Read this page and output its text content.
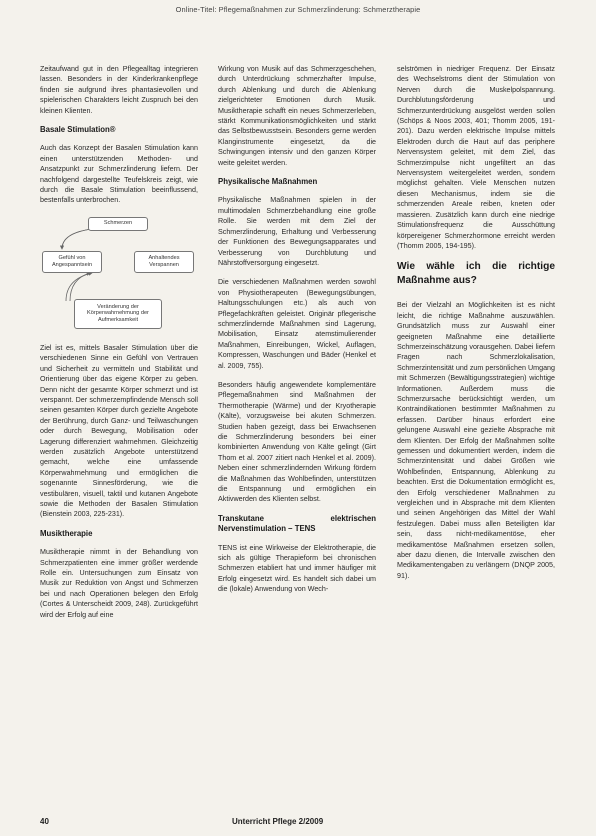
Online-Titel: Pflegemaßnahmen zur Schmerzlinderung: Schmerztherapie

Zeitaufwand gut in den Pflegealltag integrieren lassen. Besonders in der Kinderkrankenpflege finden sie aufgrund ihres phantasievollen und spielerischen Charakters leicht Zuspruch bei den kleinen Klienten.

Basale Stimulation®

Auch das Konzept der Basalen Stimulation kann einen unterstützenden Methoden- und Ansatzpunkt zur Schmerzlinderung liefern. Der nachfolgend dargestellte Teufelskreis zeigt, wie durch die Basale Stimulation beeinflussend, bestenfalls unterbrochen.

Schmerzen
Gefühl von Angespanntsein
Anhaltendes Verspannen
Veränderung der Körperwahrnehmung der Aufmerksamkeit

Ziel ist es, mittels Basaler Stimulation über die verschiedenen Sinne ein Gefühl von Vertrauen und Sicherheit zu vermitteln und Stabilität und Orientierung über das eigene Körper zu geben. Denn nicht der gesamte Körper schmerzt und ist verspannt. Der schmerzempfindende Mensch soll seinen gesamten Körper durch gezielte Angebote der Berührung, durch Ganz- und Teilwaschungen oder durch Bewegung, Mobilisation oder Lagerung differenziert wahrnehmen. Gleichzeitig werden zusätzlich Angebote unterstützend gemacht, welche eine umfassende Körperwahrnehmung und ermöglichen die sogenannte Sinnesförderung, wie die vestibulären, visuell, taktil und kutanen Angebote sowie die Methoden der Basalen Stimulation (Bienstein 2003, 225-231).

Musiktherapie

Musiktherapie nimmt in der Behandlung von Schmerzpatienten eine immer größer werdende Rolle ein. Untersuchungen zum Einsatz von Musik zur Reduktion von Angst und Schmerzen bei und nach Operationen belegen den Erfolg (Cortes & Unterscheidt 2009, 248). Zurückgeführt wird der Erfolg auf eine

Wirkung von Musik auf das Schmerzgeschehen, durch Unterdrückung schmerzhafter Impulse, durch Ablenkung und durch die Ablenkung zielgerichteter Emotionen durch Musik. Musiktherapie schafft ein neues Schmerzerleben, stärkt Kommunikationsmöglichkeiten und stärkt das Selbstbewusstsein. Besonders gerne werden Klanginstrumente eingesetzt, da die Schwingungen intensiv und den ganzen Körper weite geleitet werden.

Physikalische Maßnahmen

Physikalische Maßnahmen spielen in der multimodalen Schmerzbehandlung eine große Rolle. Sie werden mit dem Ziel der Schmerzlinderung, Erhaltung und Verbesserung der Funktionen des Bewegungsapparates und Verbesserung von Durchblutung und Nährstoffversorgung eingesetzt.

Die verschiedenen Maßnahmen werden sowohl von Physiotherapeuten (Bewegungsübungen, Haltungsschulungen etc.) als auch von Pflegefachkräften geleistet. Originär pflegerische schmerzlindernde Maßnahmen sind Lagerung, Mobilisation, Einsatz atemstimulierender Maßnahmen, Einreibungen, Wickel, Auflagen, Kompressen, Waschungen und Bäder (Henkel et al. 2009, 755).

Besonders häufig angewendete komplementäre Pflegemaßnahmen sind Maßnahmen der Thermotherapie (Wärme) und der Kryotherapie (Kälte), vorzugsweise bei akuten Schmerzen. Studien haben gezeigt, dass bei Erwachsenen die Schmerzlinderung besonders bei einer kombinierten Anwendung von Kälte gelingt (Girt Thom et al. 2007 zitiert nach Henkel et al. 2009). Neben einer schmerzlindernden Wirkung fördern die Maßnahmen das Wohlbefinden, unterstützen die Entspannung und ermöglichen ein Aktivwerden des Klienten selbst.

Transkutane elektrischen Nervenstimulation – TENS

TENS ist eine Wirkweise der Elektrotherapie, die sich als gültige Therapieform bei chronischen Schmerzen etabliert hat und immer häufiger mit Erfolg eingesetzt wird. Es handelt sich dabei um die (lokale) Anwendung von Wech-

selströmen in niedriger Frequenz. Der Einsatz des Wechselstroms dient der Stimulation von Nerven durch die Muskelpolspannung. Durchblutungsförderung und Schmerzunterdrückung ausgelöst werden sollen (Schöps & Noos 2003, 401; Thomm 2005, 191-201). Dazu werden elektrische Impulse mittels Elektroden durch die Haut auf das periphere Nervensystem geleitet, mit dem Ziel, das Schmerzimpulse nicht ungefiltert an das Nervensystem weitergeleitet werden, sondern möglichst gehalten. Viele Menschen nutzen diesen Mechanismus, indem sie die schmerzenden Areale reiben, kneten oder massieren. Zusätzlich kann durch eine niedrige Stimulationsfrequenz die Ausschüttung körpereigener Schmerzhormone erreicht werden (Thomm 2005, 194-195).

Wie wähle ich die richtige Maßnahme aus?

Bei der Vielzahl an Möglichkeiten ist es nicht leicht, die richtige Maßnahme auszuwählen. Grundsätzlich muss zur Auswahl einer geeigneten Maßnahme eine detaillierte Schmerzeinschätzung vorausgehen. Dabei liefern Fragen nach Schmerzlokalisation, Schmerzintensität und zum persönlichen Umgang mit Schmerzen (Bewältigungsstrategien) wichtige Informationen. Außerdem muss die Schmerzursache berücksichtigt werden, um Kontraindikationen bestimmter Maßnahmen zu erfassen. Darüber hinaus erfordert eine gelungene Auswahl eine gezielte Absprache mit dem Klienten. Der Erfolg der Maßnahmen sollte gemessen und dokumentiert werden, indem die Schmerzintensität und dabei Größen wie Wohlbefinden, Entspannung, Ablenkung zu beachten. Erst die Dokumentation ermöglicht es, den Erfolg verschiedener Maßnahmen zu vergleichen und in Absprache mit dem Klienten und seinen Angehörigen das Mittel der Wahl festzulegen. Dabei muss allen Beteiligten klar sein, dass nicht-medikamentöse, eher medikamentöse Maßnahmen ersetzen sollen, aber dazu dienen, die Intervalle zwischen den Medikamentengaben zu verlängern (DNQP 2005, 91).

40	Unterricht Pflege 2/2009
